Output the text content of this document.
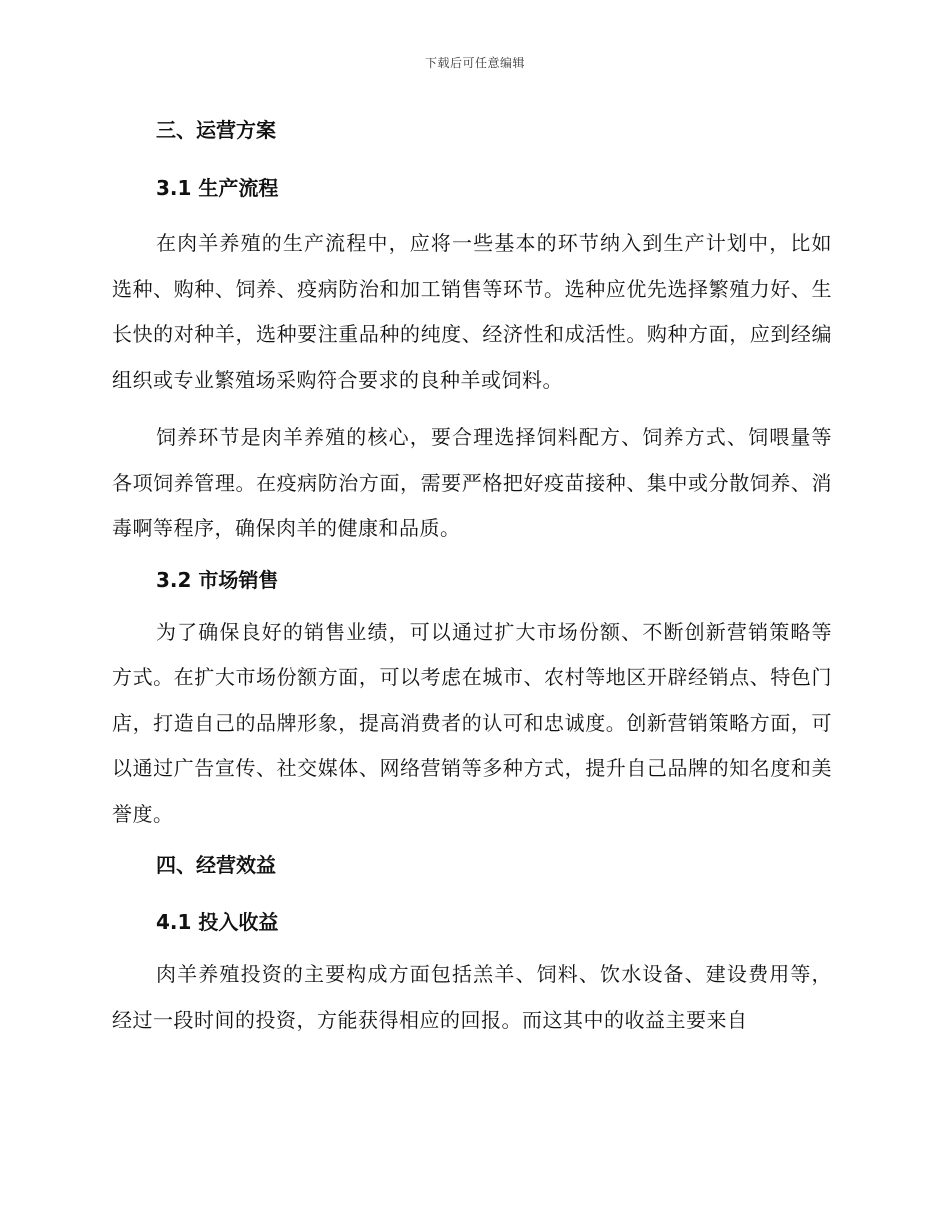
下载后可任意编辑
三、运营方案
3.1 生产流程

在肉羊养殖的生产流程中，应将一些基本的环节纳入到生产计划中，比如选种、购种、饲养、疫病防治和加工销售等环节。选种应优先选择繁殖力好、生长快的对种羊，选种要注重品种的纯度、经济性和成活性。购种方面，应到经编组织或专业繁殖场采购符合要求的良种羊或饲料。

饲养环节是肉羊养殖的核心，要合理选择饲料配方、饲养方式、饲喂量等各项饲养管理。在疫病防治方面，需要严格把好疫苗接种、集中或分散饲养、消毒啊等程序，确保肉羊的健康和品质。

3.2 市场销售

为了确保良好的销售业绩，可以通过扩大市场份额、不断创新营销策略等方式。在扩大市场份额方面，可以考虑在城市、农村等地区开辟经销点、特色门店，打造自己的品牌形象，提高消费者的认可和忠诚度。创新营销策略方面，可以通过广告宣传、社交媒体、网络营销等多种方式，提升自己品牌的知名度和美誉度。

四、经营效益
4.1 投入收益

肉羊养殖投资的主要构成方面包括羔羊、饲料、饮水设备、建设费用等，经过一段时间的投资，方能获得相应的回报。而这其中的收益主要来自
